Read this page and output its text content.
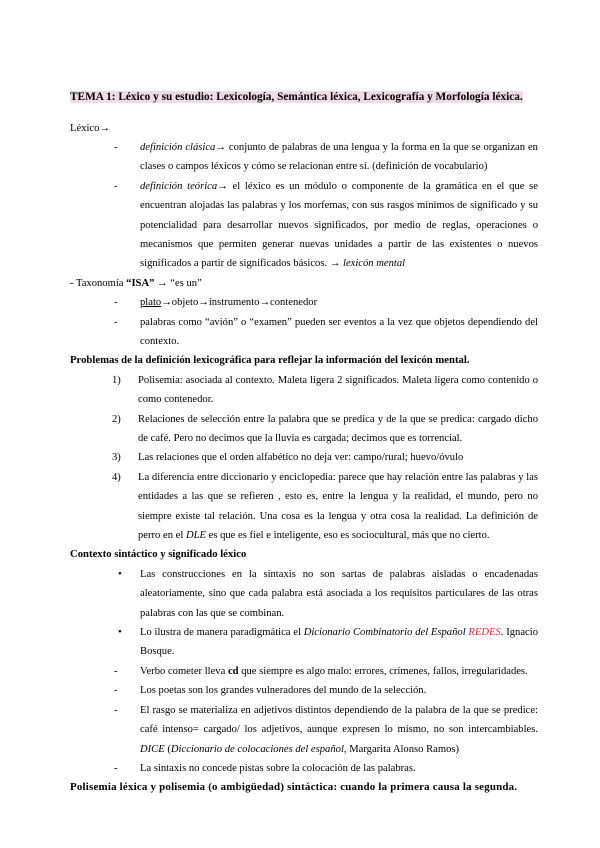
TEMA 1: Léxico y su estudio: Lexicología, Semántica léxica, Lexicografía y Morfología léxica.

Léxico→

- definición clásica→ conjunto de palabras de una lengua y la forma en la que se organizan en clases o campos léxicos y cómo se relacionan entre sí. (definición de vocabulario)
- definición teórica→ el léxico es un módulo o componente de la gramática en el que se encuentran alojadas las palabras y los morfemas, con sus rasgos mínimos de significado y su potencialidad para desarrollar nuevos significados, por medio de reglas, operaciones o mecanismos que permiten generar nuevas unidades a partir de las existentes o nuevos significados a partir de significados básicos. → lexicón mental

- Taxonomía “ISA” → “es un”

- plato→objeto→instrumento→contenedor
- palabras como “avión” o “examen” pueden ser eventos a la vez que objetos dependiendo del contexto.

Problemas de la definición lexicográfica para reflejar la información del lexicón mental.

Polisemia: asociada al contexto. Maleta ligera 2 significados. Maleta ligera como contenido o como contenedor.
Relaciones de selección entre la palabra que se predica y de la que se predica: cargado dicho de café. Pero no decimos que la lluvia es cargada; decimos que es torrencial.
Las relaciones que el orden alfabético no deja ver: campo/rural; huevo/óvulo
La diferencia entre diccionario y enciclopedia: parece que hay relación entre las palabras y las entidades a las que se refieren , esto es, entre la lengua y la realidad, el mundo, pero no siempre existe tal relación. Una cosa es la lengua y otra cosa la realidad. La definición de perro en el DLE es que es fiel e inteligente, eso es sociocultural, más que no cierto.

Contexto sintáctico y significado léxico

• Las construcciones en la sintaxis no son sartas de palabras aisladas o encadenadas aleatoriamente, sino que cada palabra está asociada a los requisitos particulares de las otras palabras con las que se combinan.
• Lo ilustra de manera paradigmática el Dicionario Combinatorio del Español REDES. Ignacio Bosque.
- Verbo cometer lleva cd que siempre es algo malo: errores, crímenes, fallos, irregularidades.
- Los poetas son los grandes vulneradores del mundo de la selección.
- El rasgo se materializa en adjetivos distintos dependiendo de la palabra de la que se predice: café intenso= cargado/ los adjetivos, aunque expresen lo mismo, no son intercambiables. DICE (Diccionario de colocaciones del español, Margarita Alonso Ramos)
- La sintaxis no concede pistas sobre la colocación de las palabras.

Polisemia léxica y polisemia (o ambigüedad) sintáctica: cuando la primera causa la segunda.
